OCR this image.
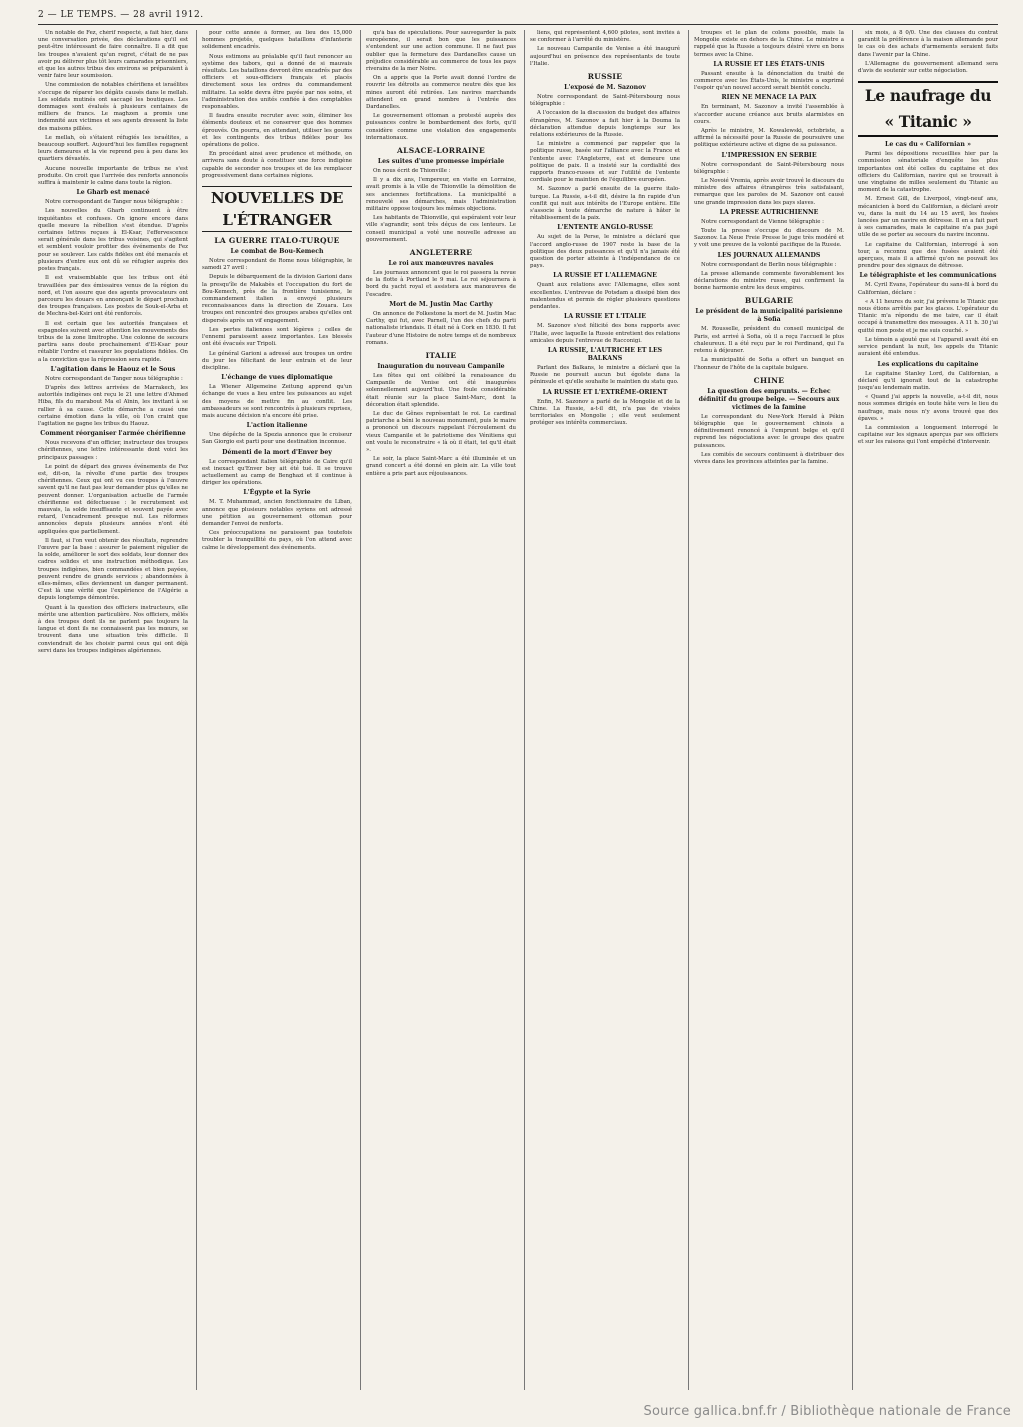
2 — LE TEMPS. — 28 avril 1912.

Un notable de Fez, chérif respecté, a fait hier, dans une conversation privée, des déclarations qu'il est peut-être intéressant de faire connaître. Il a dit que les troupes n'avaient qu'un regret, c'était de ne pas avoir pu délivrer plus tôt leurs camarades prisonniers, et que les autres tribus des environs se préparaient à venir faire leur soumission.

Une commission de notables chérifiens et israélites s'occupe de réparer les dégâts causés dans le mellah. Les soldats mutinés ont saccagé les boutiques. Les dommages sont évalués à plusieurs centaines de milliers de francs. Le maghzen a promis une indemnité aux victimes et ses agents dressent la liste des maisons pillées.

Le mellah, où s'étaient réfugiés les israélites, a beaucoup souffert. Aujourd'hui les familles regagnent leurs demeures et la vie reprend peu à peu dans les quartiers dévastés.

Aucune nouvelle importante de tribus ne s'est produite. On croit que l'arrivée des renforts annoncés suffira à maintenir le calme dans toute la région.

Le Gharb est menacé

Notre correspondant de Tanger nous télégraphie :

Les nouvelles du Gharb continuent à être inquiétantes et confuses. On ignore encore dans quelle mesure la rébellion s'est étendue. D'après certaines lettres reçues à El-Ksar, l'effervescence serait générale dans les tribus voisines, qui s'agitent et semblent vouloir profiter des événements de Fez pour se soulever. Les caïds fidèles ont été menacés et plusieurs d'entre eux ont dû se réfugier auprès des postes français.

Il est vraisemblable que les tribus ont été travaillées par des émissaires venus de la région du nord, et l'on assure que des agents provocateurs ont parcouru les douars en annonçant le départ prochain des troupes françaises. Les postes de Souk-el-Arba et de Mechra-bel-Ksiri ont été renforcés.

Il est certain que les autorités françaises et espagnoles suivent avec attention les mouvements des tribus de la zone limitrophe. Une colonne de secours partira sans doute prochainement d'El-Ksar pour rétablir l'ordre et rassurer les populations fidèles. On a la conviction que la répression sera rapide.

L'agitation dans le Haouz et le Sous

Notre correspondant de Tanger nous télégraphie :

D'après des lettres arrivées de Marrakech, les autorités indigènes ont reçu le 21 une lettre d'Ahmed Hiba, fils du marabout Ma el Aïnin, les invitant à se rallier à sa cause. Cette démarche a causé une certaine émotion dans la ville, où l'on craint que l'agitation ne gagne les tribus du Haouz.

Comment réorganiser l'armée chérifienne

Nous recevons d'un officier, instructeur des troupes chérifiennes, une lettre intéressante dont voici les principaux passages :

Le point de départ des graves événements de Fez est, dit-on, la révolte d'une partie des troupes chérifiennes. Ceux qui ont vu ces troupes à l'œuvre savent qu'il ne faut pas leur demander plus qu'elles ne peuvent donner. L'organisation actuelle de l'armée chérifienne est défectueuse : le recrutement est mauvais, la solde insuffisante et souvent payée avec retard, l'encadrement presque nul. Les réformes annoncées depuis plusieurs années n'ont été appliquées que partiellement.

Il faut, si l'on veut obtenir des résultats, reprendre l'œuvre par la base : assurer le paiement régulier de la solde, améliorer le sort des soldats, leur donner des cadres solides et une instruction méthodique. Les troupes indigènes, bien commandées et bien payées, peuvent rendre de grands services ; abandonnées à elles-mêmes, elles deviennent un danger permanent. C'est là une vérité que l'expérience de l'Algérie a depuis longtemps démontrée.

Quant à la question des officiers instructeurs, elle mérite une attention particulière. Nos officiers, mêlés à des troupes dont ils ne parlent pas toujours la langue et dont ils ne connaissent pas les mœurs, se trouvent dans une situation très difficile. Il conviendrait de les choisir parmi ceux qui ont déjà servi dans les troupes indigènes algériennes.

pour cette année à former, au lieu des 15,000 hommes projetés, quelques bataillons d'infanterie solidement encadrés.

Nous estimons au préalable qu'il faut renoncer au système des tabors, qui a donné de si mauvais résultats. Les bataillons devront être encadrés par des officiers et sous-officiers français et placés directement sous les ordres du commandement militaire. La solde devra être payée par nos soins, et l'administration des unités confiée à des comptables responsables.

Il faudra ensuite recruter avec soin, éliminer les éléments douteux et ne conserver que des hommes éprouvés. On pourra, en attendant, utiliser les goums et les contingents des tribus fidèles pour les opérations de police.

En procédant ainsi avec prudence et méthode, on arrivera sans doute à constituer une force indigène capable de seconder nos troupes et de les remplacer progressivement dans certaines régions.

NOUVELLES DE L'ÉTRANGER
LA GUERRE ITALO-TURQUE
Le combat de Bou-Kemech

Notre correspondant de Rome nous télégraphie, le samedi 27 avril :

Depuis le débarquement de la division Garioni dans la presqu'île de Makabès et l'occupation du fort de Bou-Kemech, près de la frontière tunisienne, le commandement italien a envoyé plusieurs reconnaissances dans la direction de Zouara. Les troupes ont rencontré des groupes arabes qu'elles ont dispersés après un vif engagement.

Les pertes italiennes sont légères ; celles de l'ennemi paraissent assez importantes. Les blessés ont été évacués sur Tripoli.

Le général Garioni a adressé aux troupes un ordre du jour les félicitant de leur entrain et de leur discipline.

L'échange de vues diplomatique

La Wiener Allgemeine Zeitung apprend qu'un échange de vues a lieu entre les puissances au sujet des moyens de mettre fin au conflit. Les ambassadeurs se sont rencontrés à plusieurs reprises, mais aucune décision n'a encore été prise.

L'action italienne

Une dépêche de la Spezia annonce que le croiseur San Giorgio est parti pour une destination inconnue.

Démenti de la mort d'Enver bey

Le correspondant italien télégraphie de Caire qu'il est inexact qu'Enver bey ait été tué. Il se trouve actuellement au camp de Benghazi et il continue à diriger les opérations.

L'Égypte et la Syrie

M. T. Muhammad, ancien fonctionnaire du Liban, annonce que plusieurs notables syriens ont adressé une pétition au gouvernement ottoman pour demander l'envoi de renforts.

Ces préoccupations ne paraissent pas toutefois troubler la tranquillité du pays, où l'on attend avec calme le développement des événements.

qu'à bas de spéculations. Pour sauvegarder la paix européenne, il serait bon que les puissances s'entendent sur une action commune. Il ne faut pas oublier que la fermeture des Dardanelles cause un préjudice considérable au commerce de tous les pays riverains de la mer Noire.

On a appris que la Porte avait donné l'ordre de rouvrir les détroits au commerce neutre dès que les mines auront été retirées. Les navires marchands attendent en grand nombre à l'entrée des Dardanelles.

Le gouvernement ottoman a protesté auprès des puissances contre le bombardement des forts, qu'il considère comme une violation des engagements internationaux.

ALSACE-LORRAINE
Les suites d'une promesse impériale

On nous écrit de Thionville :

Il y a dix ans, l'empereur, en visite en Lorraine, avait promis à la ville de Thionville la démolition de ses anciennes fortifications. La municipalité a renouvelé ses démarches, mais l'administration militaire oppose toujours les mêmes objections.

Les habitants de Thionville, qui espéraient voir leur ville s'agrandir, sont très déçus de ces lenteurs. Le conseil municipal a voté une nouvelle adresse au gouvernement.

ANGLETERRE
Le roi aux manœuvres navales

Les journaux annoncent que le roi passera la revue de la flotte à Portland le 9 mai. Le roi séjournera à bord du yacht royal et assistera aux manœuvres de l'escadre.

Mort de M. Justin Mac Carthy

On annonce de Folkestone la mort de M. Justin Mac Carthy, qui fut, avec Parnell, l'un des chefs du parti nationaliste irlandais. Il était né à Cork en 1830. Il fut l'auteur d'une Histoire de notre temps et de nombreux romans.

ITALIE
Inauguration du nouveau Campanile

Les fêtes qui ont célébré la renaissance du Campanile de Venise ont été inaugurées solennellement aujourd'hui. Une foule considérable était réunie sur la place Saint-Marc, dont la décoration était splendide.

Le duc de Gênes représentait le roi. Le cardinal patriarche a béni le nouveau monument, puis le maire a prononcé un discours rappelant l'écroulement du vieux Campanile et le patriotisme des Vénitiens qui ont voulu le reconstruire « là où il était, tel qu'il était ».

Le soir, la place Saint-Marc a été illuminée et un grand concert a été donné en plein air. La ville tout entière a pris part aux réjouissances.

liens, qui représentent 4,600 pilotes, sont invités à se conformer à l'arrêté du ministère.

Le nouveau Campanile de Venise a été inauguré aujourd'hui en présence des représentants de toute l'Italie.

RUSSIE
L'exposé de M. Sazonov

Notre correspondant de Saint-Pétersbourg nous télégraphie :

A l'occasion de la discussion du budget des affaires étrangères, M. Sazonov a fait hier à la Douma la déclaration attendue depuis longtemps sur les relations extérieures de la Russie.

Le ministre a commencé par rappeler que la politique russe, basée sur l'alliance avec la France et l'entente avec l'Angleterre, est et demeure une politique de paix. Il a insisté sur la cordialité des rapports franco-russes et sur l'utilité de l'entente cordiale pour le maintien de l'équilibre européen.

M. Sazonov a parlé ensuite de la guerre italo-turque. La Russie, a-t-il dit, désire la fin rapide d'un conflit qui nuit aux intérêts de l'Europe entière. Elle s'associe à toute démarche de nature à hâter le rétablissement de la paix.

L'ENTENTE ANGLO-RUSSE

Au sujet de la Perse, le ministre a déclaré que l'accord anglo-russe de 1907 reste la base de la politique des deux puissances et qu'il n'a jamais été question de porter atteinte à l'indépendance de ce pays.

LA RUSSIE ET L'ALLEMAGNE

Quant aux relations avec l'Allemagne, elles sont excellentes. L'entrevue de Potsdam a dissipé bien des malentendus et permis de régler plusieurs questions pendantes.

LA RUSSIE ET L'ITALIE

M. Sazonov s'est félicité des bons rapports avec l'Italie, avec laquelle la Russie entretient des relations amicales depuis l'entrevue de Racconigi.

LA RUSSIE, L'AUTRICHE ET LES BALKANS

Parlant des Balkans, le ministre a déclaré que la Russie ne poursuit aucun but égoïste dans la péninsule et qu'elle souhaite le maintien du statu quo.

LA RUSSIE ET L'EXTRÊME-ORIENT

Enfin, M. Sazonov a parlé de la Mongolie et de la Chine. La Russie, a-t-il dit, n'a pas de visées territoriales en Mongolie ; elle veut seulement protéger ses intérêts commerciaux.

troupes et le plan de colons possible, mais la Mongolie existe en dehors de la Chine. Le ministre a rappelé que la Russie a toujours désiré vivre en bons termes avec la Chine.

LA RUSSIE ET LES ÉTATS-UNIS

Passant ensuite à la dénonciation du traité de commerce avec les États-Unis, le ministre a exprimé l'espoir qu'un nouvel accord serait bientôt conclu.

RIEN NE MENACE LA PAIX

En terminant, M. Sazonov a invité l'assemblée à s'accorder aucune créance aux bruits alarmistes en cours.

Après le ministre, M. Kowalewski, octobriste, a affirmé la nécessité pour la Russie de poursuivre une politique extérieure active et digne de sa puissance.

L'IMPRESSION EN SERBIE

Notre correspondant de Saint-Pétersbourg nous télégraphie :

Le Novoié Vremia, après avoir trouvé le discours du ministre des affaires étrangères très satisfaisant, remarque que les paroles de M. Sazonov ont causé une grande impression dans les pays slaves.

LA PRESSE AUTRICHIENNE

Notre correspondant de Vienne télégraphie :

Toute la presse s'occupe du discours de M. Sazonov. La Neue Freie Presse le juge très modéré et y voit une preuve de la volonté pacifique de la Russie.

LES JOURNAUX ALLEMANDS

Notre correspondant de Berlin nous télégraphie :

La presse allemande commente favorablement les déclarations du ministre russe, qui confirment la bonne harmonie entre les deux empires.

BULGARIE
Le président de la municipalité parisienne à Sofia

M. Rousselle, président du conseil municipal de Paris, est arrivé à Sofia, où il a reçu l'accueil le plus chaleureux. Il a été reçu par le roi Ferdinand, qui l'a retenu à déjeuner.

La municipalité de Sofia a offert un banquet en l'honneur de l'hôte de la capitale bulgare.

CHINE
La question des emprunts. — Échec définitif du groupe belge. — Secours aux victimes de la famine

Le correspondant du New-York Herald à Pékin télégraphie que le gouvernement chinois a définitivement renoncé à l'emprunt belge et qu'il reprend les négociations avec le groupe des quatre puissances.

Les comités de secours continuent à distribuer des vivres dans les provinces atteintes par la famine.

six mois, à 8 0/0. Une des clauses du contrat garantit la préférence à la maison allemande pour le cas où des achats d'armements seraient faits dans l'avenir par la Chine.

L'Allemagne du gouvernement allemand sera d'avis de soutenir sur cette négociation.

Le naufrage du « Titanic »
Le cas du « Californian »

Parmi les dépositions recueillies hier par la commission sénatoriale d'enquête les plus importantes ont été celles du capitaine et des officiers du Californian, navire qui se trouvait à une vingtaine de milles seulement du Titanic au moment de la catastrophe.

M. Ernest Gill, de Liverpool, vingt-neuf ans, mécanicien à bord du Californian, a déclaré avoir vu, dans la nuit du 14 au 15 avril, les fusées lancées par un navire en détresse. Il en a fait part à ses camarades, mais le capitaine n'a pas jugé utile de se porter au secours du navire inconnu.

Le capitaine du Californian, interrogé à son tour, a reconnu que des fusées avaient été aperçues, mais il a affirmé qu'on ne pouvait les prendre pour des signaux de détresse.

Le télégraphiste et les communications

M. Cyril Evans, l'opérateur du sans-fil à bord du Californian, déclare :

« A 11 heures du soir, j'ai prévenu le Titanic que nous étions arrêtés par les glaces. L'opérateur du Titanic m'a répondu de me taire, car il était occupé à transmettre des messages. A 11 h. 30 j'ai quitté mon poste et je me suis couché. »

Le témoin a ajouté que si l'appareil avait été en service pendant la nuit, les appels du Titanic auraient été entendus.

Les explications du capitaine

Le capitaine Stanley Lord, du Californian, a déclaré qu'il ignorait tout de la catastrophe jusqu'au lendemain matin.

« Quand j'ai appris la nouvelle, a-t-il dit, nous nous sommes dirigés en toute hâte vers le lieu du naufrage, mais nous n'y avons trouvé que des épaves. »

La commission a longuement interrogé le capitaine sur les signaux aperçus par ses officiers et sur les raisons qui l'ont empêché d'intervenir.

Source gallica.bnf.fr / Bibliothèque nationale de France
